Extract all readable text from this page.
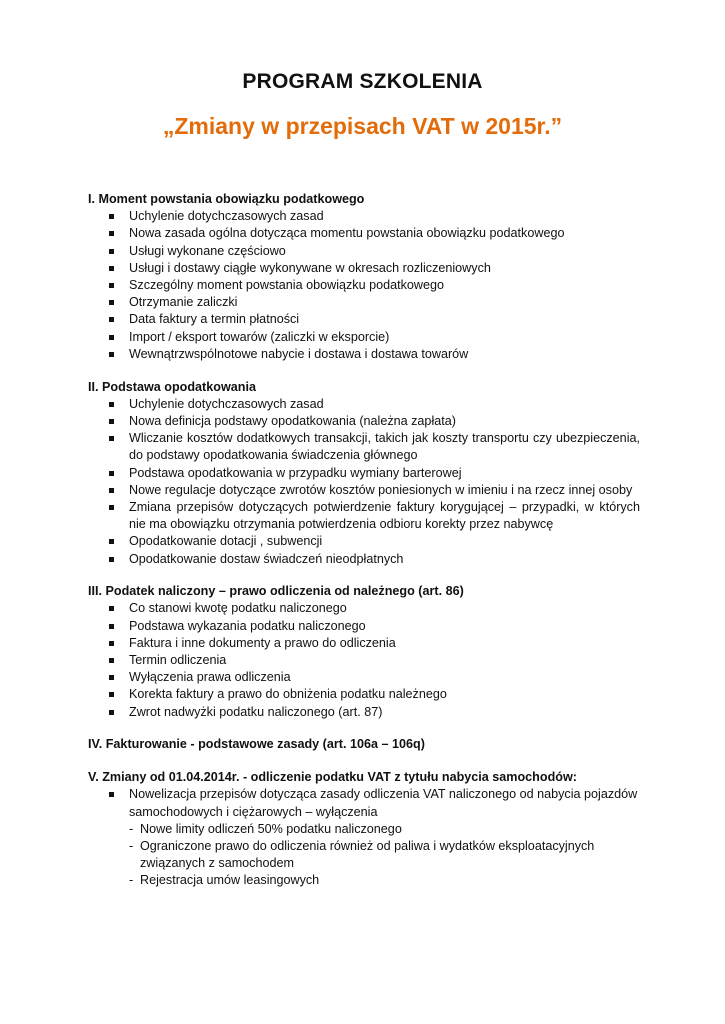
PROGRAM SZKOLENIA
„Zmiany w przepisach VAT w 2015r.”

I. Moment powstania obowiązku podatkowego

Uchylenie dotychczasowych zasad
Nowa zasada ogólna dotycząca momentu powstania obowiązku podatkowego
Usługi wykonane częściowo
Usługi i dostawy ciągłe wykonywane w okresach rozliczeniowych
Szczególny moment powstania obowiązku podatkowego
Otrzymanie zaliczki
Data faktury a termin płatności
Import / eksport towarów (zaliczki w eksporcie)
Wewnątrzwspólnotowe nabycie i dostawa i dostawa towarów

II. Podstawa opodatkowania

Uchylenie dotychczasowych zasad
Nowa definicja podstawy opodatkowania (należna zapłata)
Wliczanie kosztów dodatkowych transakcji, takich jak koszty transportu czy ubezpieczenia, do podstawy opodatkowania świadczenia głównego
Podstawa opodatkowania w przypadku wymiany barterowej
Nowe regulacje dotyczące zwrotów kosztów poniesionych w imieniu i na rzecz innej osoby
Zmiana przepisów dotyczących potwierdzenie faktury korygującej – przypadki, w których nie ma obowiązku otrzymania potwierdzenia odbioru korekty przez nabywcę
Opodatkowanie dotacji , subwencji
Opodatkowanie dostaw świadczeń nieodpłatnych

III. Podatek naliczony – prawo odliczenia od należnego (art. 86)

Co stanowi kwotę podatku naliczonego
Podstawa wykazania podatku naliczonego
Faktura i inne dokumenty a prawo do odliczenia
Termin odliczenia
Wyłączenia prawa odliczenia
Korekta faktury a prawo do obniżenia podatku należnego
Zwrot nadwyżki podatku naliczonego (art. 87)

IV. Fakturowanie - podstawowe zasady (art. 106a – 106q)

V. Zmiany od 01.04.2014r. - odliczenie podatku VAT z tytułu nabycia samochodów:

Nowelizacja przepisów dotycząca zasady odliczenia VAT naliczonego od nabycia pojazdów samochodowych i ciężarowych – wyłączenia
- Nowe limity odliczeń 50% podatku naliczonego
- Ograniczone prawo do odliczenia również od paliwa i wydatków eksploatacyjnych związanych z samochodem
- Rejestracja umów leasingowych
